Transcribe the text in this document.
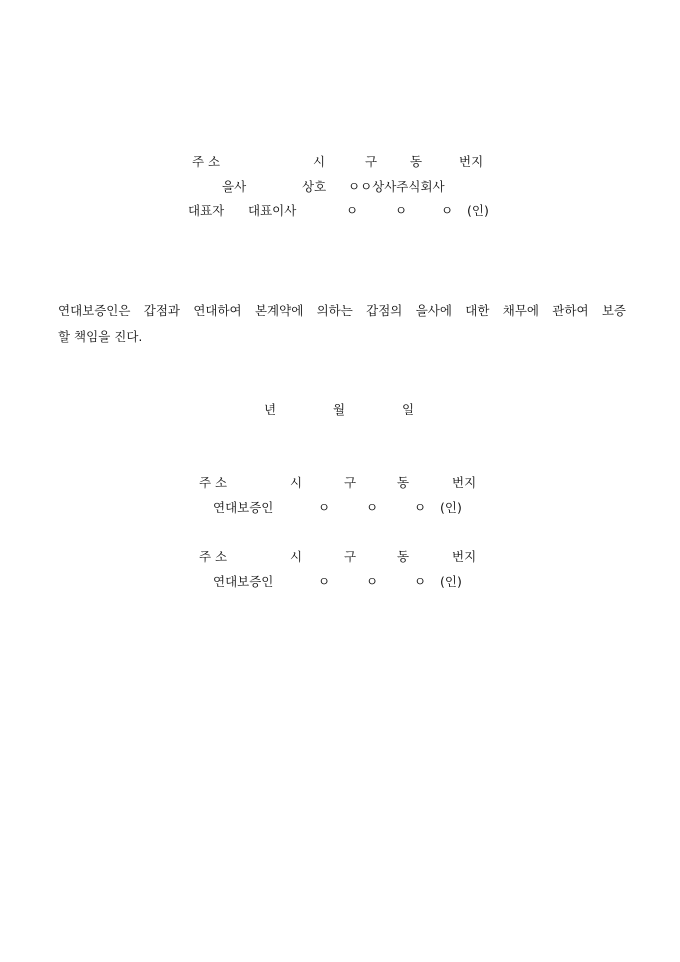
주 소	시	구	동	번지
을사	상호 ㅇㅇ상사주식회사
대표자 대표이사	ㅇ	ㅇ	ㅇ (인)
연대보증인은 갑점과 연대하여 본계약에 의하는 갑점의 을사에 대한 채무에 관하여 보증
할 책임을 진다.
년	월	일
주 소	시	구	동	번지
연대보증인	ㅇ	ㅇ	ㅇ (인)
주 소	시	구	동	번지
연대보증인	ㅇ	ㅇ	ㅇ (인)
